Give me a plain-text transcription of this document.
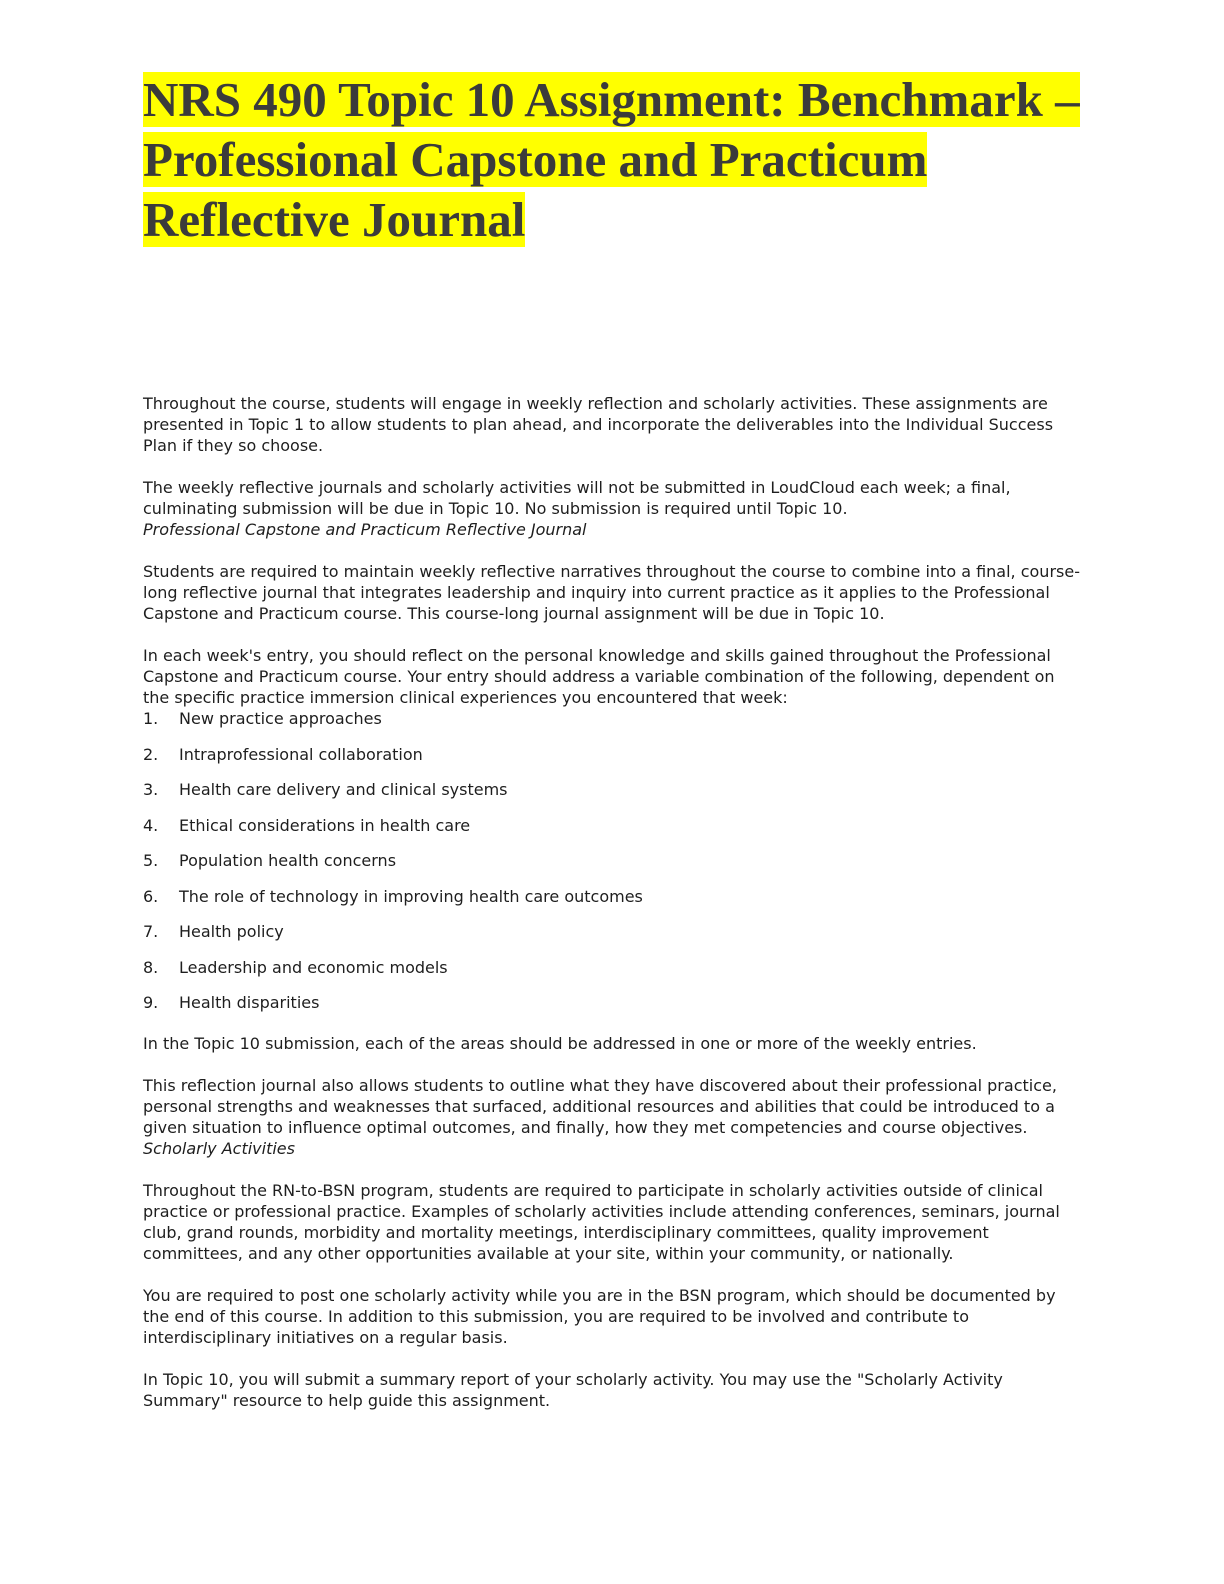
NRS 490 Topic 10 Assignment: Benchmark – Professional Capstone and Practicum Reflective Journal

Throughout the course, students will engage in weekly reflection and scholarly activities. These assignments are presented in Topic 1 to allow students to plan ahead, and incorporate the deliverables into the Individual Success Plan if they so choose.

The weekly reflective journals and scholarly activities will not be submitted in LoudCloud each week; a final, culminating submission will be due in Topic 10. No submission is required until Topic 10.

Professional Capstone and Practicum Reflective Journal

Students are required to maintain weekly reflective narratives throughout the course to combine into a final, course-long reflective journal that integrates leadership and inquiry into current practice as it applies to the Professional Capstone and Practicum course. This course-long journal assignment will be due in Topic 10.

In each week's entry, you should reflect on the personal knowledge and skills gained throughout the Professional Capstone and Practicum course. Your entry should address a variable combination of the following, dependent on the specific practice immersion clinical experiences you encountered that week:

1.	New practice approaches
2.	Intraprofessional collaboration
3.	Health care delivery and clinical systems
4.	Ethical considerations in health care
5.	Population health concerns
6.	The role of technology in improving health care outcomes
7.	Health policy
8.	Leadership and economic models
9.	Health disparities

In the Topic 10 submission, each of the areas should be addressed in one or more of the weekly entries.

This reflection journal also allows students to outline what they have discovered about their professional practice, personal strengths and weaknesses that surfaced, additional resources and abilities that could be introduced to a given situation to influence optimal outcomes, and finally, how they met competencies and course objectives.

Scholarly Activities

Throughout the RN-to-BSN program, students are required to participate in scholarly activities outside of clinical practice or professional practice. Examples of scholarly activities include attending conferences, seminars, journal club, grand rounds, morbidity and mortality meetings, interdisciplinary committees, quality improvement committees, and any other opportunities available at your site, within your community, or nationally.

You are required to post one scholarly activity while you are in the BSN program, which should be documented by the end of this course. In addition to this submission, you are required to be involved and contribute to interdisciplinary initiatives on a regular basis.

In Topic 10, you will submit a summary report of your scholarly activity. You may use the "Scholarly Activity Summary" resource to help guide this assignment.
